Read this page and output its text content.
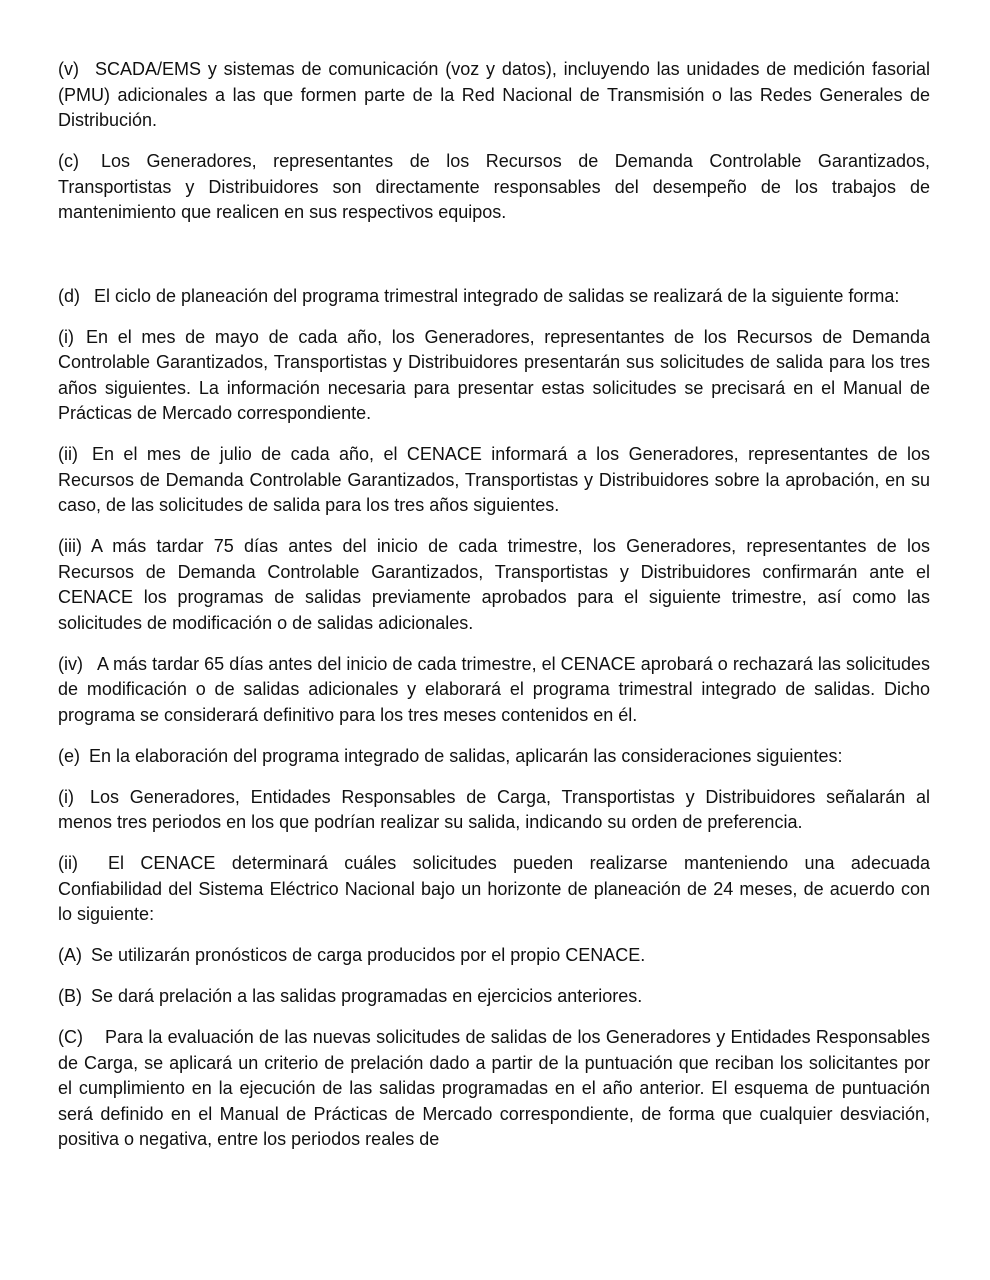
(v) SCADA/EMS y sistemas de comunicación (voz y datos), incluyendo las unidades de medición fasorial (PMU) adicionales a las que formen parte de la Red Nacional de Transmisión o las Redes Generales de Distribución.

(c) Los Generadores, representantes de los Recursos de Demanda Controlable Garantizados, Transportistas y Distribuidores son directamente responsables del desempeño de los trabajos de mantenimiento que realicen en sus respectivos equipos.

(d) El ciclo de planeación del programa trimestral integrado de salidas se realizará de la siguiente forma:

(i) En el mes de mayo de cada año, los Generadores, representantes de los Recursos de Demanda Controlable Garantizados, Transportistas y Distribuidores presentarán sus solicitudes de salida para los tres años siguientes. La información necesaria para presentar estas solicitudes se precisará en el Manual de Prácticas de Mercado correspondiente.

(ii) En el mes de julio de cada año, el CENACE informará a los Generadores, representantes de los Recursos de Demanda Controlable Garantizados, Transportistas y Distribuidores sobre la aprobación, en su caso, de las solicitudes de salida para los tres años siguientes.

(iii) A más tardar 75 días antes del inicio de cada trimestre, los Generadores, representantes de los Recursos de Demanda Controlable Garantizados, Transportistas y Distribuidores confirmarán ante el CENACE los programas de salidas previamente aprobados para el siguiente trimestre, así como las solicitudes de modificación o de salidas adicionales.

(iv) A más tardar 65 días antes del inicio de cada trimestre, el CENACE aprobará o rechazará las solicitudes de modificación o de salidas adicionales y elaborará el programa trimestral integrado de salidas. Dicho programa se considerará definitivo para los tres meses contenidos en él.

(e) En la elaboración del programa integrado de salidas, aplicarán las consideraciones siguientes:

(i) Los Generadores, Entidades Responsables de Carga, Transportistas y Distribuidores señalarán al menos tres periodos en los que podrían realizar su salida, indicando su orden de preferencia.

(ii) El CENACE determinará cuáles solicitudes pueden realizarse manteniendo una adecuada Confiabilidad del Sistema Eléctrico Nacional bajo un horizonte de planeación de 24 meses, de acuerdo con lo siguiente:

(A) Se utilizarán pronósticos de carga producidos por el propio CENACE.

(B) Se dará prelación a las salidas programadas en ejercicios anteriores.

(C) Para la evaluación de las nuevas solicitudes de salidas de los Generadores y Entidades Responsables de Carga, se aplicará un criterio de prelación dado a partir de la puntuación que reciban los solicitantes por el cumplimiento en la ejecución de las salidas programadas en el año anterior. El esquema de puntuación será definido en el Manual de Prácticas de Mercado correspondiente, de forma que cualquier desviación, positiva o negativa, entre los periodos reales de
